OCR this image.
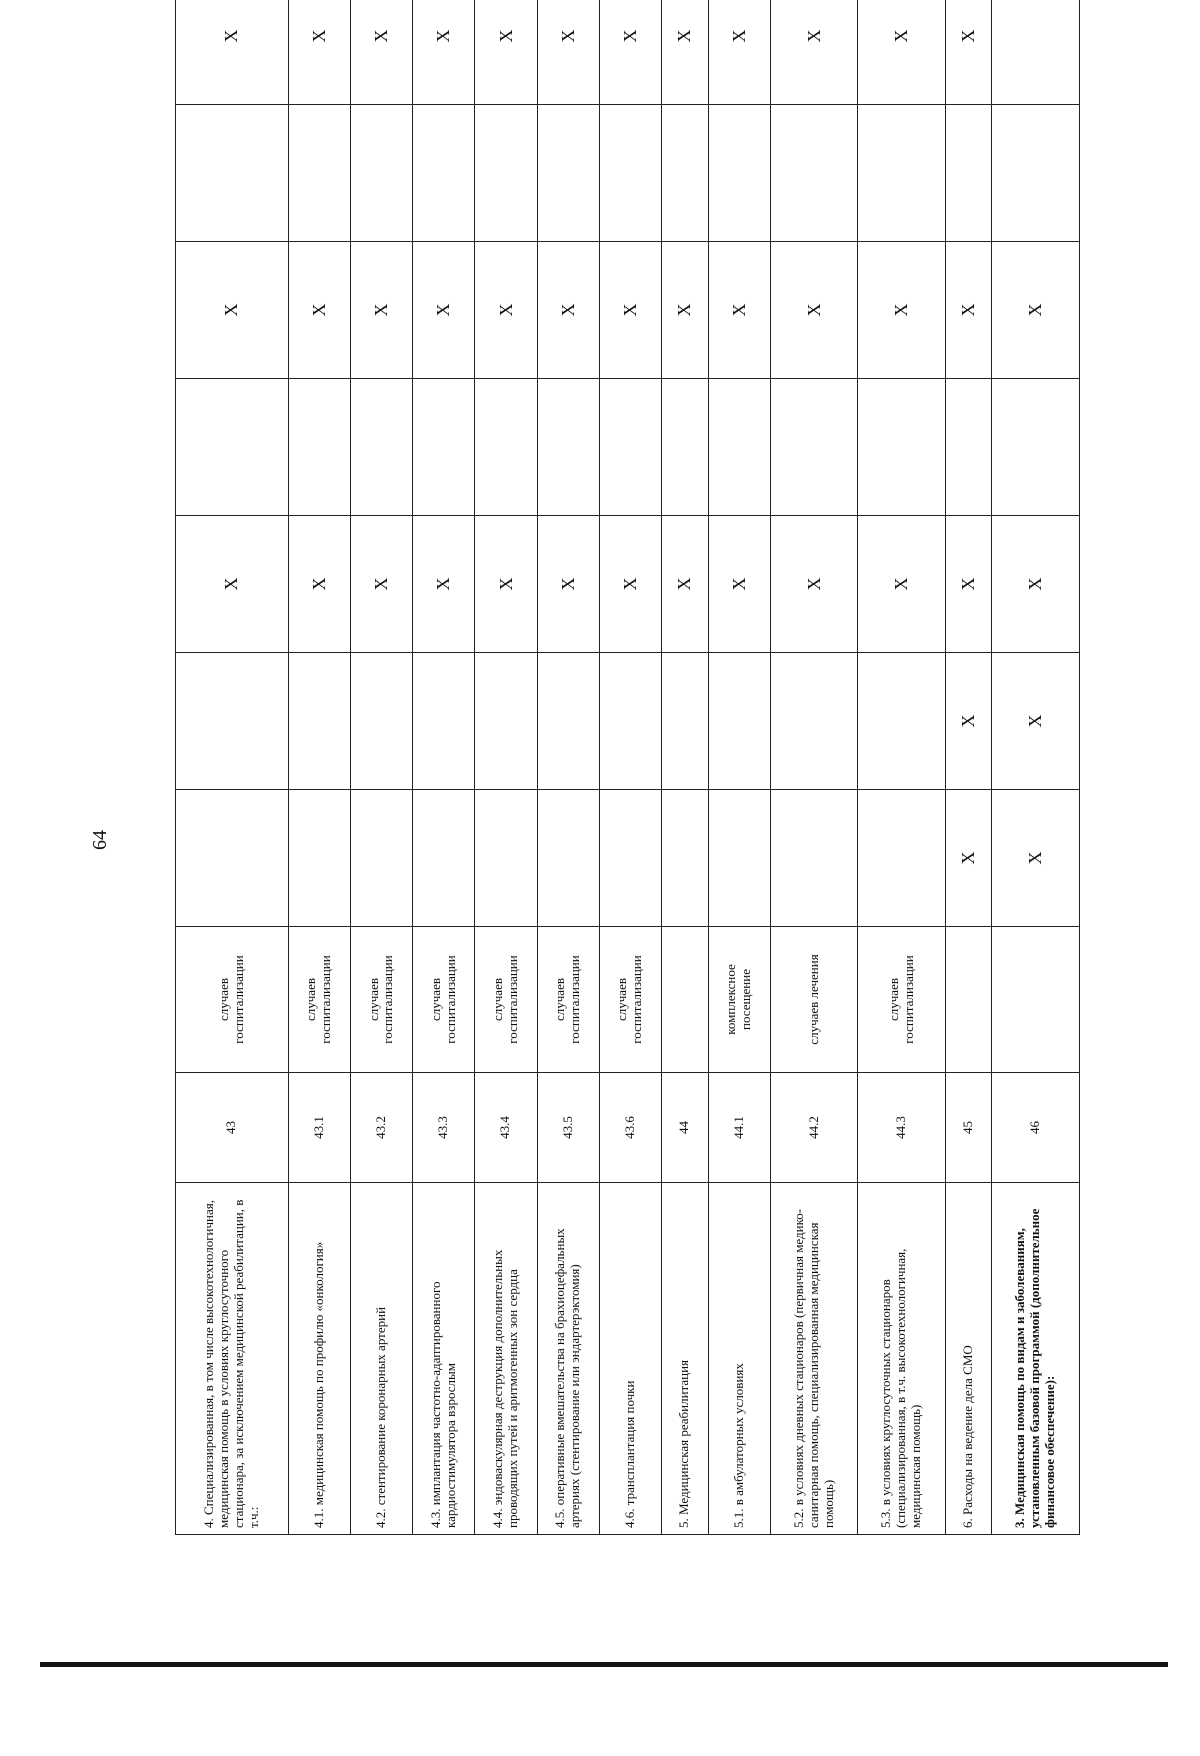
64
4. Специализированная, в том числе высокотехнологичная, медицинская помощь в условиях круглосуточного стационара, за исключением медицинской реабилитации, в т.ч.:	43	случаев госпитализации			X		X		X
4.1. медицинская помощь по профилю «онкология»	43.1	случаев госпитализации			X		X		X
4.2. стентирование коронарных артерий	43.2	случаев госпитализации			X		X		X
4.3. имплантация частотно-адаптированного кардиостимулятора взрослым	43.3	случаев госпитализации			X		X		X
4.4. эндоваскулярная деструкция дополнительных проводящих путей и аритмогенных зон сердца	43.4	случаев госпитализации			X		X		X
4.5. оперативные вмешательства на брахиоцефальных артериях (стентирование или эндартерэктомия)	43.5	случаев госпитализации			X		X		X
4.6. трансплантация почки	43.6	случаев госпитализации			X		X		X
5. Медицинская реабилитация	44				X		X		X
5.1. в амбулаторных условиях	44.1	комплексное посещение			X		X		X
5.2. в условиях дневных стационаров (первичная медико-санитарная помощь, специализированная медицинская помощь)	44.2	случаев лечения			X		X		X
5.3. в условиях круглосуточных стационаров (специализированная, в т.ч. высокотехнологичная, медицинская помощь)	44.3	случаев госпитализации			X		X		X
6. Расходы на ведение дела СМО	45		X	X	X		X		X
3. Медицинская помощь по видам и заболеваниям, установленным базовой программой (дополнительное финансовое обеспечение):	46		X	X	X		X		
